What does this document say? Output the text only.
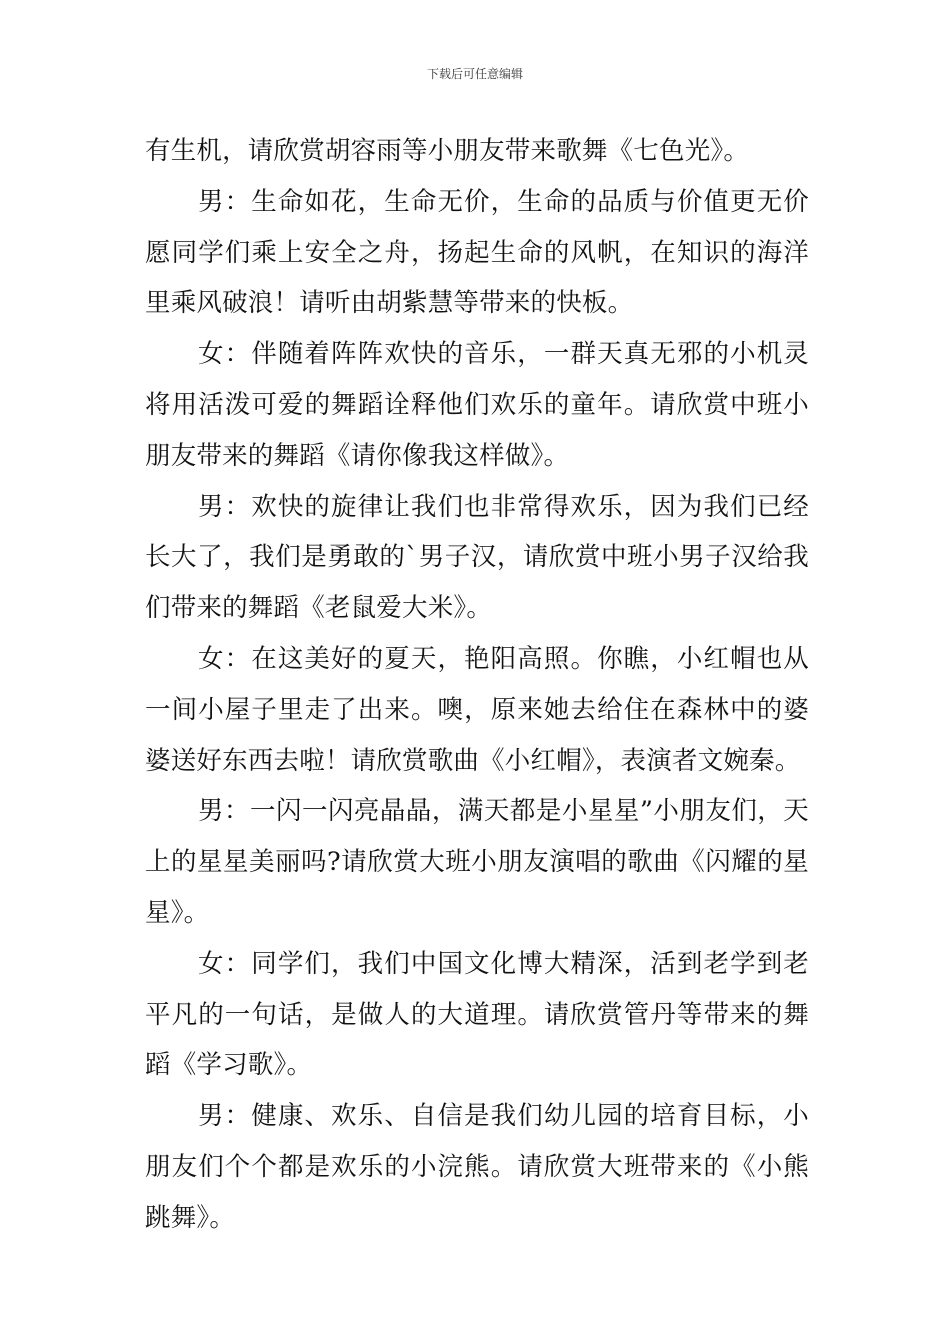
下载后可任意编辑

有生机，请欣赏胡容雨等小朋友带来歌舞《七色光》。

男：生命如花，生命无价，生命的品质与价值更无价愿同学们乘上安全之舟，扬起生命的风帆，在知识的海洋里乘风破浪！请听由胡紫慧等带来的快板。

女：伴随着阵阵欢快的音乐，一群天真无邪的小机灵将用活泼可爱的舞蹈诠释他们欢乐的童年。请欣赏中班小朋友带来的舞蹈《请你像我这样做》。

男：欢快的旋律让我们也非常得欢乐，因为我们已经长大了，我们是勇敢的`男子汉，请欣赏中班小男子汉给我们带来的舞蹈《老鼠爱大米》。

女：在这美好的夏天，艳阳高照。你瞧，小红帽也从一间小屋子里走了出来。噢，原来她去给住在森林中的婆婆送好东西去啦！请欣赏歌曲《小红帽》，表演者文婉秦。

男：一闪一闪亮晶晶，满天都是小星星”小朋友们，天上的星星美丽吗?请欣赏大班小朋友演唱的歌曲《闪耀的星星》。

女：同学们，我们中国文化博大精深，活到老学到老平凡的一句话，是做人的大道理。请欣赏管丹等带来的舞蹈《学习歌》。

男：健康、欢乐、自信是我们幼儿园的培育目标，小朋友们个个都是欢乐的小浣熊。请欣赏大班带来的《小熊跳舞》。
